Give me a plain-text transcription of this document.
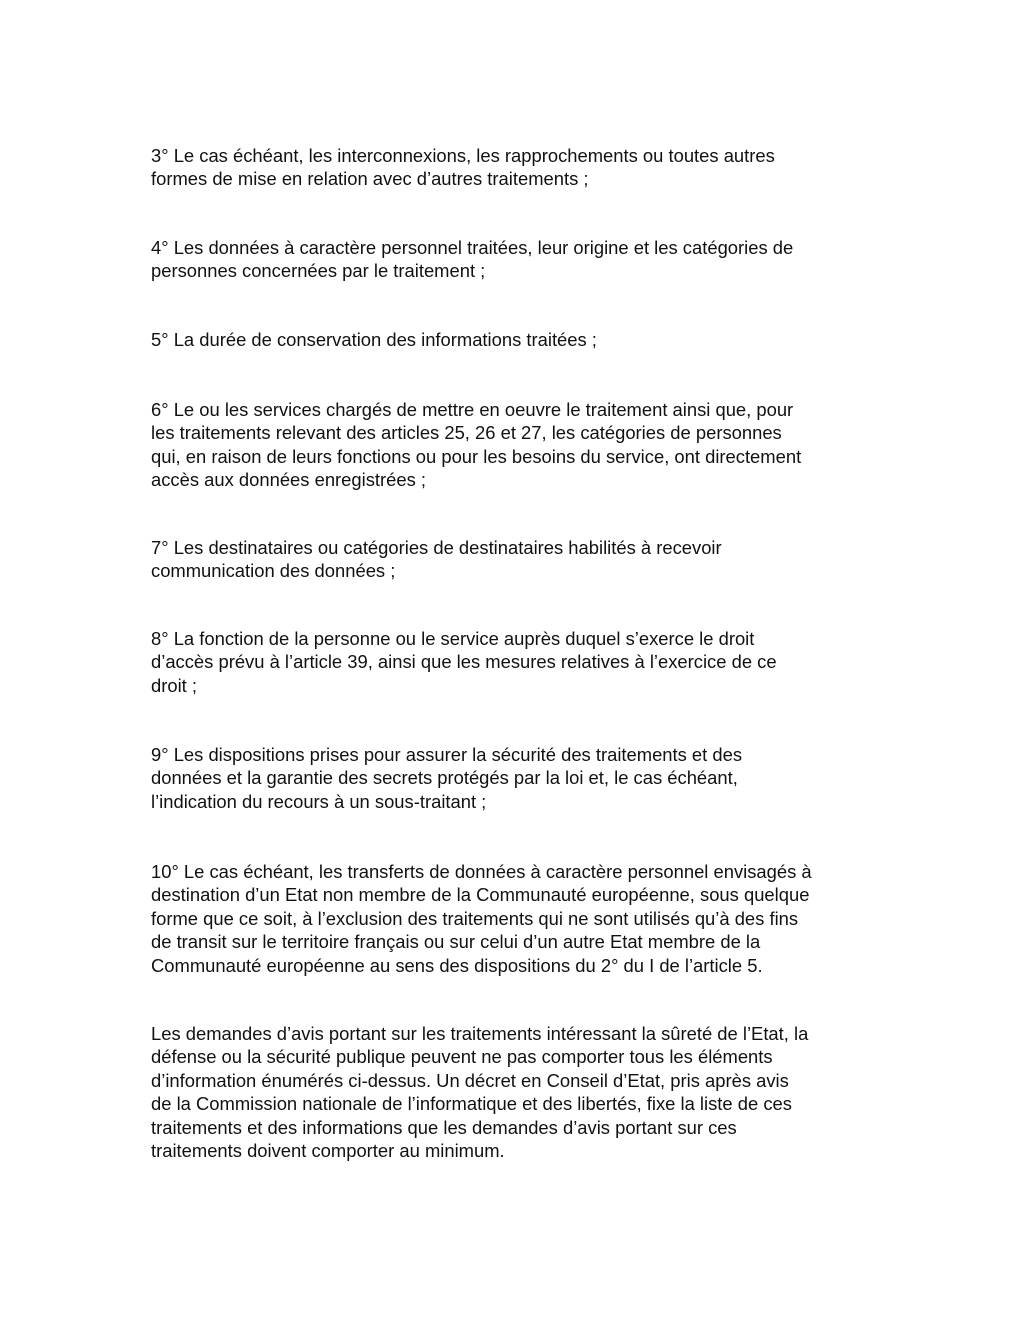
3° Le cas échéant, les interconnexions, les rapprochements ou toutes autres
formes de mise en relation avec d’autres traitements ;

4° Les données à caractère personnel traitées, leur origine et les catégories de
personnes concernées par le traitement ;

5° La durée de conservation des informations traitées ;

6° Le ou les services chargés de mettre en oeuvre le traitement ainsi que, pour
les traitements relevant des articles 25, 26 et 27, les catégories de personnes
qui, en raison de leurs fonctions ou pour les besoins du service, ont directement
accès aux données enregistrées ;

7° Les destinataires ou catégories de destinataires habilités à recevoir
communication des données ;

8° La fonction de la personne ou le service auprès duquel s’exerce le droit
d’accès prévu à l’article 39, ainsi que les mesures relatives à l’exercice de ce
droit ;

9° Les dispositions prises pour assurer la sécurité des traitements et des
données et la garantie des secrets protégés par la loi et, le cas échéant,
l’indication du recours à un sous-traitant ;

10° Le cas échéant, les transferts de données à caractère personnel envisagés à
destination d’un Etat non membre de la Communauté européenne, sous quelque
forme que ce soit, à l’exclusion des traitements qui ne sont utilisés qu’à des fins
de transit sur le territoire français ou sur celui d’un autre Etat membre de la
Communauté européenne au sens des dispositions du 2° du I de l’article 5.

Les demandes d’avis portant sur les traitements intéressant la sûreté de l’Etat, la
défense ou la sécurité publique peuvent ne pas comporter tous les éléments
d’information énumérés ci-dessus. Un décret en Conseil d’Etat, pris après avis
de la Commission nationale de l’informatique et des libertés, fixe la liste de ces
traitements et des informations que les demandes d’avis portant sur ces
traitements doivent comporter au minimum.
